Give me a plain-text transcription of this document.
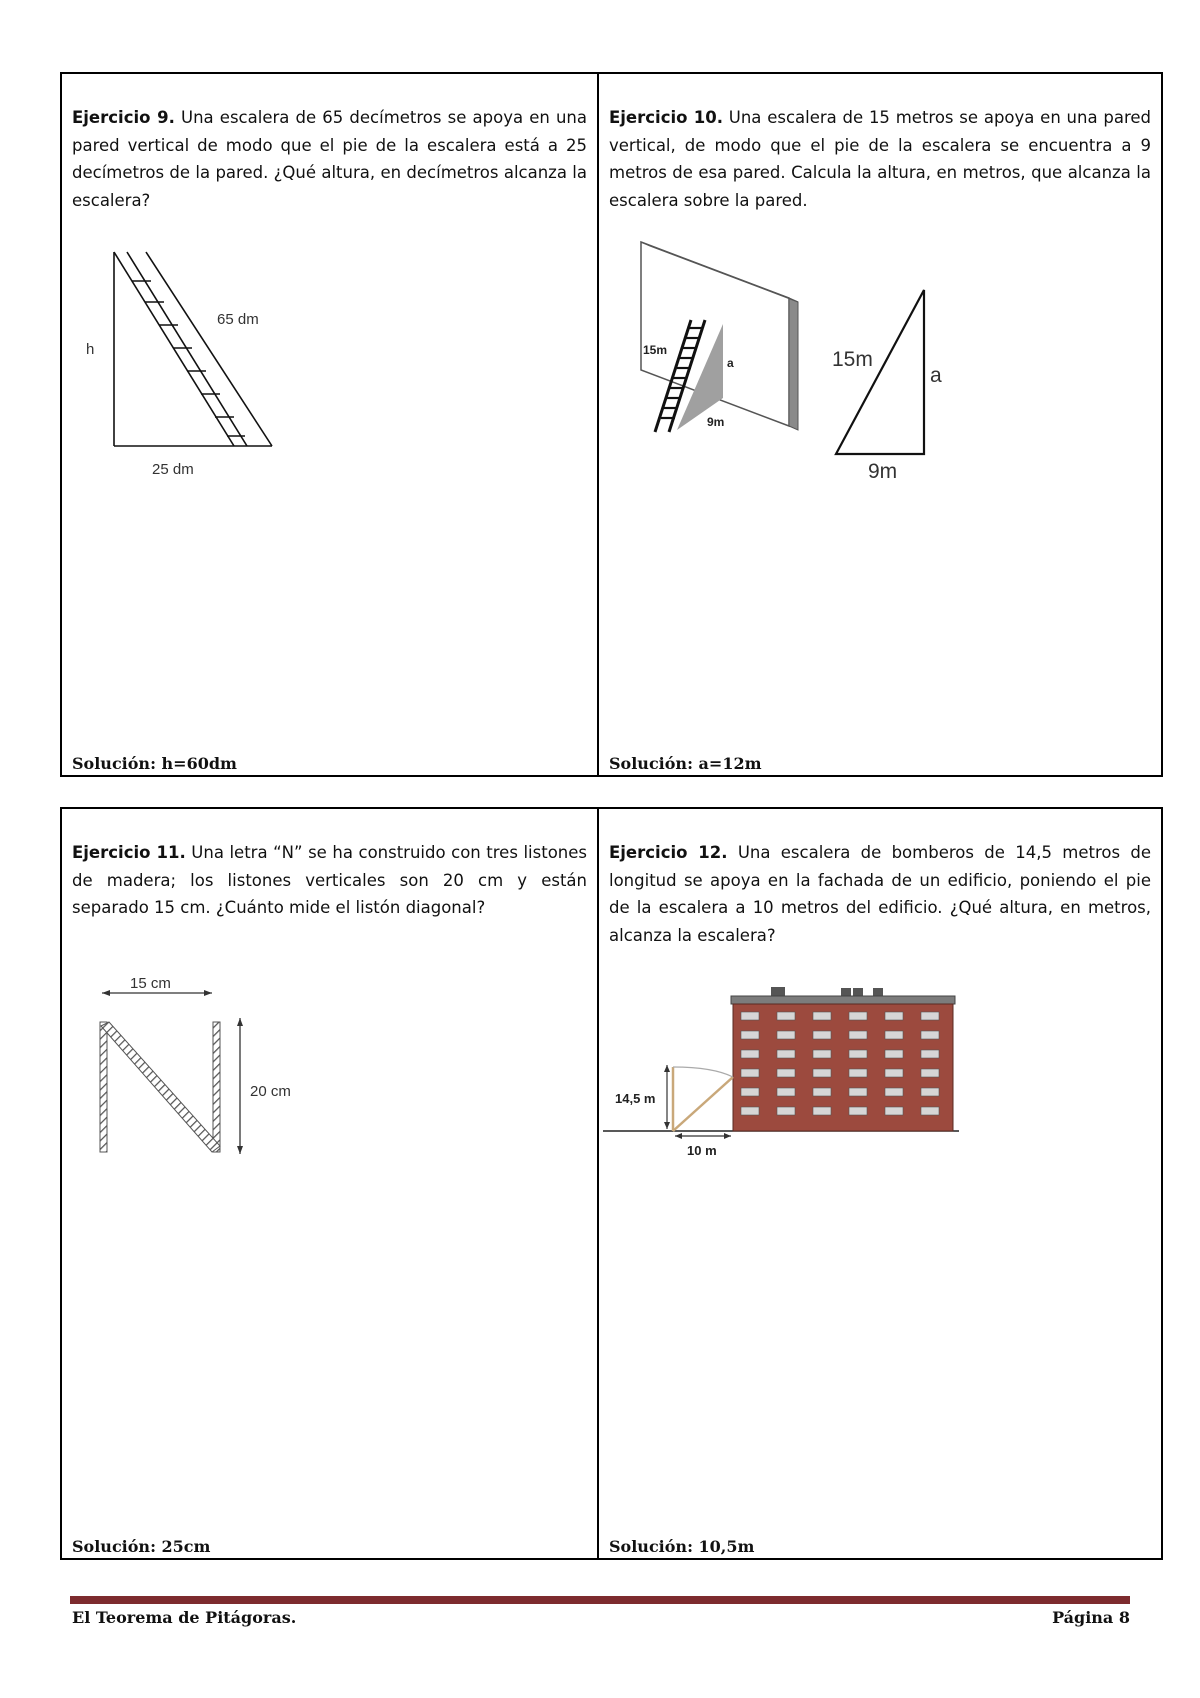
Ejercicio 9. Una escalera de 65 decímetros se apoya en una pared vertical de modo que el pie de la escalera está a 25 decímetros de la pared. ¿Qué altura, en decímetros alcanza la escalera?

65 dm
h
25 dm
Solución: h=60dm

Ejercicio 10. Una escalera de 15 metros se apoya en una pared vertical, de modo que el pie de la escalera se encuentra a 9 metros de esa pared. Calcula la altura, en metros, que alcanza la escalera sobre la pared.

15m
a
9m
15m
a
9m
Solución: a=12m

Ejercicio 11. Una letra “N” se ha construido con tres listones de madera; los listones verticales son 20 cm y están separado 15 cm. ¿Cuánto mide el listón diagonal?

15 cm
20 cm
Solución: 25cm

Ejercicio 12. Una escalera de bomberos de 14,5 metros de longitud se apoya en la fachada de un edificio, poniendo el pie de la escalera a 10 metros del edificio. ¿Qué altura, en metros, alcanza la escalera?

14,5 m
10 m
Solución: 10,5m
El Teorema de Pitágoras.	Página 8
